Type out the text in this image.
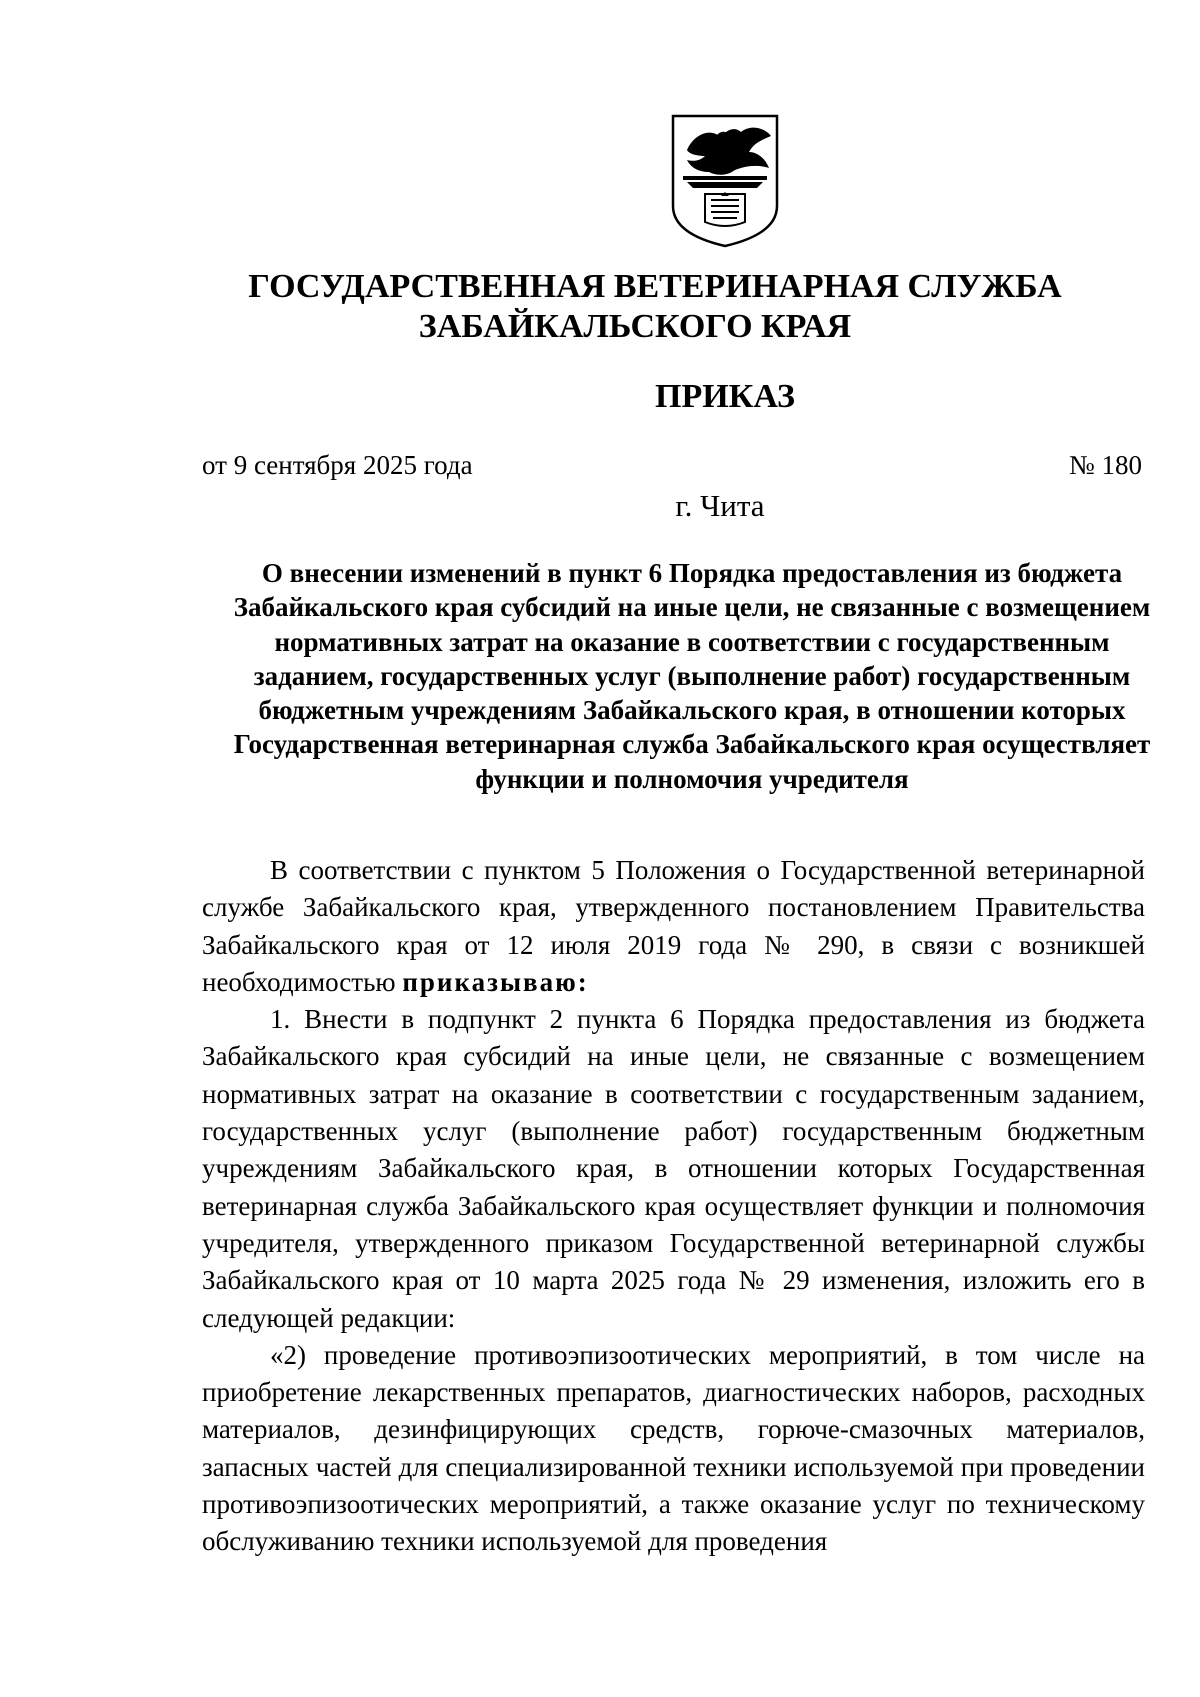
ГОСУДАРСТВЕННАЯ ВЕТЕРИНАРНАЯ СЛУЖБА
ЗАБАЙКАЛЬСКОГО КРАЯ
ПРИКАЗ
от 9 сентября 2025 года	№ 180
г. Чита
О внесении изменений в пункт 6 Порядка предоставления из бюджета Забайкальского края субсидий на иные цели, не связанные с возмещением нормативных затрат на оказание в соответствии с государственным заданием, государственных услуг (выполнение работ) государственным бюджетным учреждениям Забайкальского края, в отношении которых Государственная ветеринарная служба Забайкальского края осуществляет функции и полномочия учредителя

В соответствии с пунктом 5 Положения о Государственной ветеринарной службе Забайкальского края, утвержденного постановлением Правительства Забайкальского края от 12 июля 2019 года № 290, в связи с возникшей необходимостью приказываю:

1. Внести в подпункт 2 пункта 6 Порядка предоставления из бюджета Забайкальского края субсидий на иные цели, не связанные с возмещением нормативных затрат на оказание в соответствии с государственным заданием, государственных услуг (выполнение работ) государственным бюджетным учреждениям Забайкальского края, в отношении которых Государственная ветеринарная служба Забайкальского края осуществляет функции и полномочия учредителя, утвержденного приказом Государственной ветеринарной службы Забайкальского края от 10 марта 2025 года № 29 изменения, изложить его в следующей редакции:

«2) проведение противоэпизоотических мероприятий, в том числе на приобретение лекарственных препаратов, диагностических наборов, расходных материалов, дезинфицирующих средств, горюче-смазочных материалов, запасных частей для специализированной техники используемой при проведении противоэпизоотических мероприятий, а также оказание услуг по техническому обслуживанию техники используемой для проведения
